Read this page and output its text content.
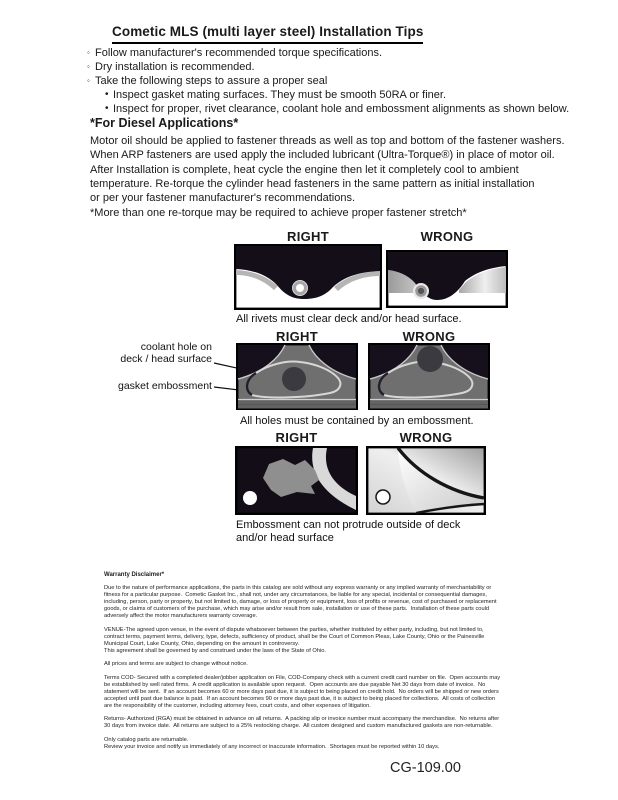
Cometic MLS (multi layer steel) Installation Tips
◦ Follow manufacturer's recommended torque specifications.
◦ Dry installation is recommended.
◦ Take the following steps to assure a proper seal
• Inspect gasket mating surfaces. They must be smooth 50RA or finer.
• Inspect for proper, rivet clearance, coolant hole and embossment alignments as shown below.
*For Diesel Applications*
Motor oil should be applied to fastener threads as well as top and bottom of the fastener washers.
When ARP fasteners are used apply the included lubricant (Ultra-Torque®) in place of motor oil.
After Installation is complete, heat cycle the engine then let it completely cool to ambient
temperature. Re-torque the cylinder head fasteners in the same pattern as initial installation
or per your fastener manufacturer's recommendations.
*More than one re-torque may be required to achieve proper fastener stretch*
RIGHT	WRONG
All rivets must clear deck and/or head surface.
coolant hole on
deck / head surface
gasket embossment
RIGHT	WRONG
All holes must be contained by an embossment.
RIGHT	WRONG
Embossment can not protrude outside of deck
and/or head surface

Warranty Disclaimer*

Due to the nature of performance applications, the parts in this catalog are sold without any express warranty or any implied warranty of merchantability or
fitness for a particular purpose.  Cometic Gasket Inc., shall not, under any circumstances, be liable for any special, incidental or consequential damages,
including, person, party or property, but not limited to, damage, or loss of property or equipment, loss of profits or revenue, cost of purchased or replacement
goods, or claims of customers of the purchase, which may arise and/or result from sale, installation or use of these parts.  Installation of these parts could
adversely affect the motor manufacturers warranty coverage.

VENUE-The agreed upon venue, in the event of dispute whatsoever between the parties, whether instituted by either party, including, but not limited to,
contract terms, payment terms, delivery, type, defects, sufficiency of product, shall be the Court of Common Pleas, Lake County, Ohio or the Painesville
Municipal Court, Lake County, Ohio, depending on the amount in controversy.
This agreement shall be governed by and construed under the laws of the State of Ohio.

All prices and terms are subject to change without notice.

Terms COD- Secured with a completed dealer/jobber application on File, COD-Company check with a current credit card number on file.  Open accounts may
be established by well rated firms.  A credit application is available upon request.  Open accounts are due payable Net 30 days from date of invoice.  No
statement will be sent.  If an account becomes 60 or more days past due, it is subject to being placed on credit hold.  No orders will be shipped or new orders
accepted until past due balance is paid.  If an account becomes 90 or more days past due, it is subject to being placed for collections.  All costs of collection
are the responsibility of the customer, including attorney fees, court costs, and other expenses of litigation.

Returns- Authorized (RGA) must be obtained in advance on all returns.  A packing slip or invoice number must accompany the merchandise.  No returns after
30 days from invoice date.  All returns are subject to a 25% restocking charge.  All custom designed and custom manufactured gaskets are non-returnable.

Only catalog parts are returnable.
Review your invoice and notify us immediately of any incorrect or inaccurate information.  Shortages must be reported within 10 days.

CG-109.00
